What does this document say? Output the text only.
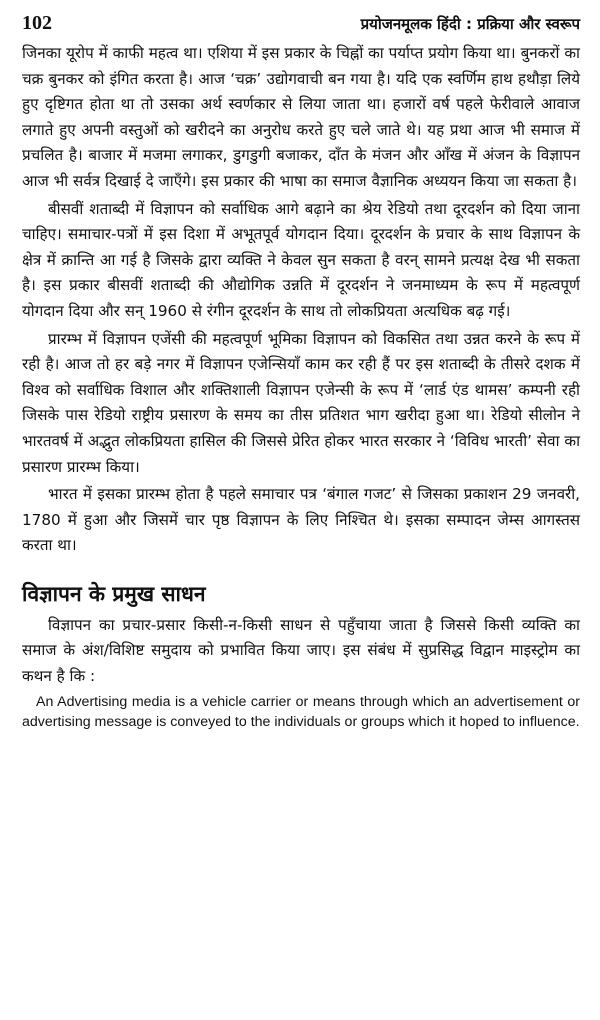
102	प्रयोजनमूलक हिंदी : प्रक्रिया और स्वरूप

जिनका यूरोप में काफी महत्व था। एशिया में इस प्रकार के चिह्नों का पर्याप्त प्रयोग किया था। बुनकरों का चक्र बुनकर को इंगित करता है। आज ‘चक्र’ उद्योगवाची बन गया है। यदि एक स्वर्णिम हाथ हथौड़ा लिये हुए दृष्टिगत होता था तो उसका अर्थ स्वर्णकार से लिया जाता था। हजारों वर्ष पहले फेरीवाले आवाज लगाते हुए अपनी वस्तुओं को खरीदने का अनुरोध करते हुए चले जाते थे। यह प्रथा आज भी समाज में प्रचलित है। बाजार में मजमा लगाकर, डुगडुगी बजाकर, दाँत के मंजन और आँख में अंजन के विज्ञापन आज भी सर्वत्र दिखाई दे जाएँगे। इस प्रकार की भाषा का समाज वैज्ञानिक अध्ययन किया जा सकता है।

बीसवीं शताब्दी में विज्ञापन को सर्वाधिक आगे बढ़ाने का श्रेय रेडियो तथा दूरदर्शन को दिया जाना चाहिए। समाचार-पत्रों में इस दिशा में अभूतपूर्व योगदान दिया। दूरदर्शन के प्रचार के साथ विज्ञापन के क्षेत्र में क्रान्ति आ गई है जिसके द्वारा व्यक्ति ने केवल सुन सकता है वरन् सामने प्रत्यक्ष देख भी सकता है। इस प्रकार बीसवीं शताब्दी की औद्योगिक उन्नति में दूरदर्शन ने जनमाध्यम के रूप में महत्वपूर्ण योगदान दिया और सन् 1960 से रंगीन दूरदर्शन के साथ तो लोकप्रियता अत्यधिक बढ़ गई।

प्रारम्भ में विज्ञापन एजेंसी की महत्वपूर्ण भूमिका विज्ञापन को विकसित तथा उन्नत करने के रूप में रही है। आज तो हर बड़े नगर में विज्ञापन एजेन्सियाँ काम कर रही हैं पर इस शताब्दी के तीसरे दशक में विश्व को सर्वाधिक विशाल और शक्तिशाली विज्ञापन एजेन्सी के रूप में ‘लार्ड एंड थामस’ कम्पनी रही जिसके पास रेडियो राष्ट्रीय प्रसारण के समय का तीस प्रतिशत भाग खरीदा हुआ था। रेडियो सीलोन ने भारतवर्ष में अद्भुत लोकप्रियता हासिल की जिससे प्रेरित होकर भारत सरकार ने ‘विविध भारती’ सेवा का प्रसारण प्रारम्भ किया।

भारत में इसका प्रारम्भ होता है पहले समाचार पत्र ‘बंगाल गजट’ से जिसका प्रकाशन 29 जनवरी, 1780 में हुआ और जिसमें चार पृष्ठ विज्ञापन के लिए निश्चित थे। इसका सम्पादन जेम्स आगस्तस करता था।

विज्ञापन के प्रमुख साधन

विज्ञापन का प्रचार-प्रसार किसी-न-किसी साधन से पहुँचाया जाता है जिससे किसी व्यक्ति का समाज के अंश/विशिष्ट समुदाय को प्रभावित किया जाए। इस संबंध में सुप्रसिद्ध विद्वान माइस्ट्रोम का कथन है कि :

An Advertising media is a vehicle carrier or means through which an advertisement or advertising message is conveyed to the individuals or groups which it hoped to influence.
